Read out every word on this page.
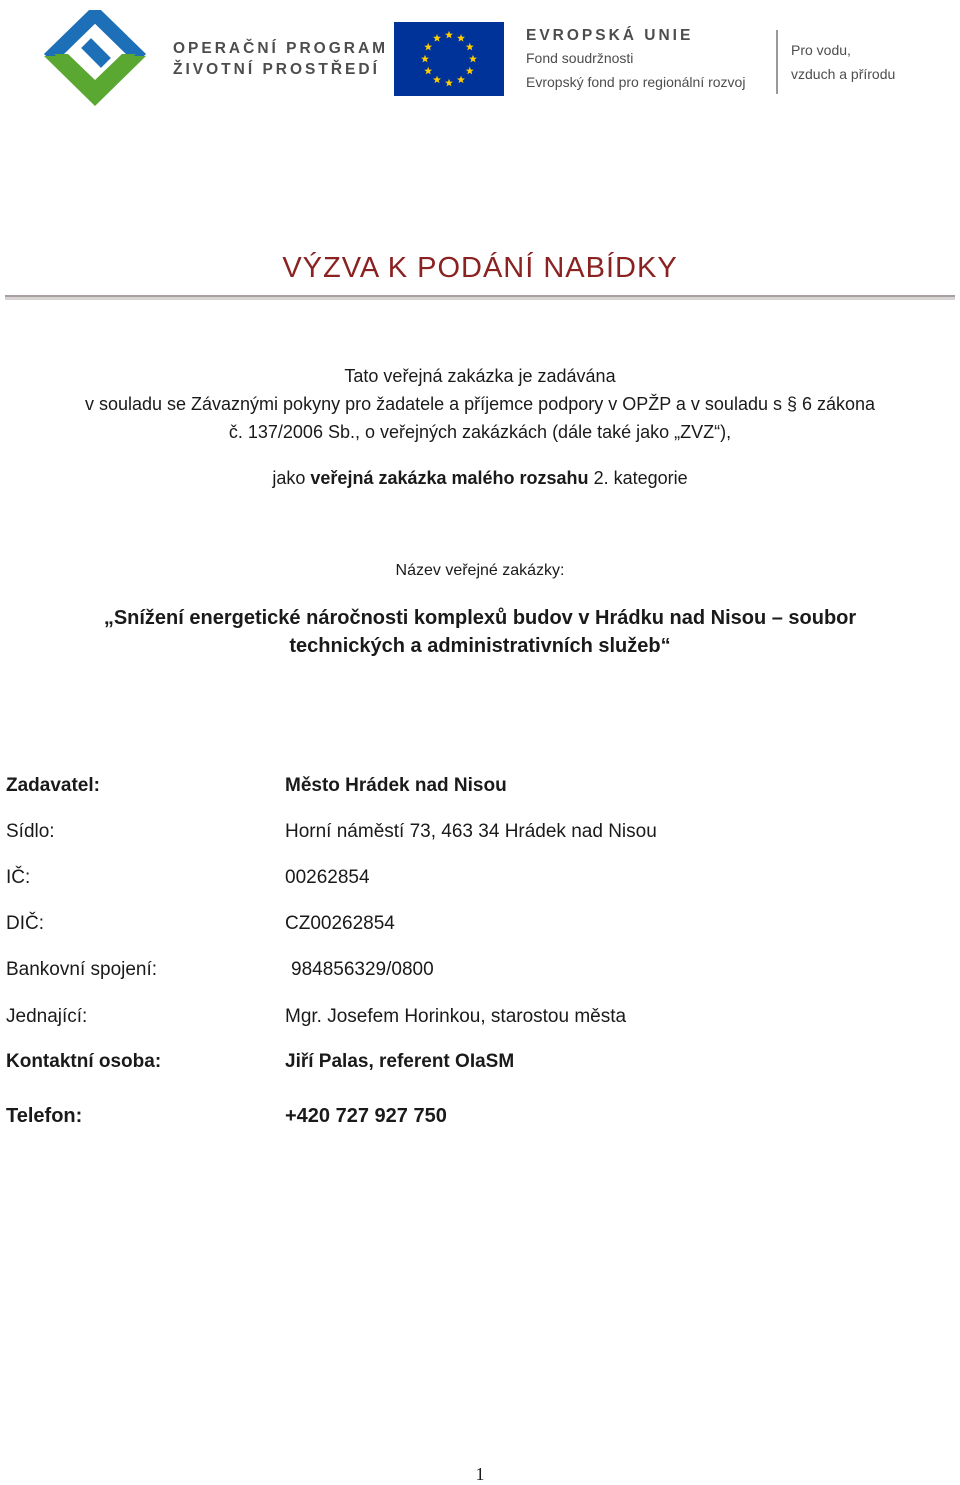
OPERAČNÍ PROGRAM
ŽIVOTNÍ PROSTŘEDÍ
EVROPSKÁ UNIE
Fond soudržnosti
Evropský fond pro regionální rozvoj
Pro vodu,
vzduch a přírodu
VÝZVA K PODÁNÍ NABÍDKY
Tato veřejná zakázka je zadávána
v souladu se Závaznými pokyny pro žadatele a příjemce podpory v OPŽP a v souladu s § 6 zákona
č. 137/2006 Sb., o veřejných zakázkách (dále také jako „ZVZ“),
jako veřejná zakázka malého rozsahu 2. kategorie
Název veřejné zakázky:
„Snížení energetické náročnosti komplexů budov v Hrádku nad Nisou – soubor
technických a administrativních služeb“
Zadavatel:	Město Hrádek nad Nisou
Sídlo:	Horní náměstí 73, 463 34 Hrádek nad Nisou
IČ:	00262854
DIČ:	CZ00262854
Bankovní spojení:	984856329/0800
Jednající:	Mgr. Josefem Horinkou, starostou města
Kontaktní osoba:	Jiří Palas, referent OIaSM
Telefon:	+420 727 927 750
1
